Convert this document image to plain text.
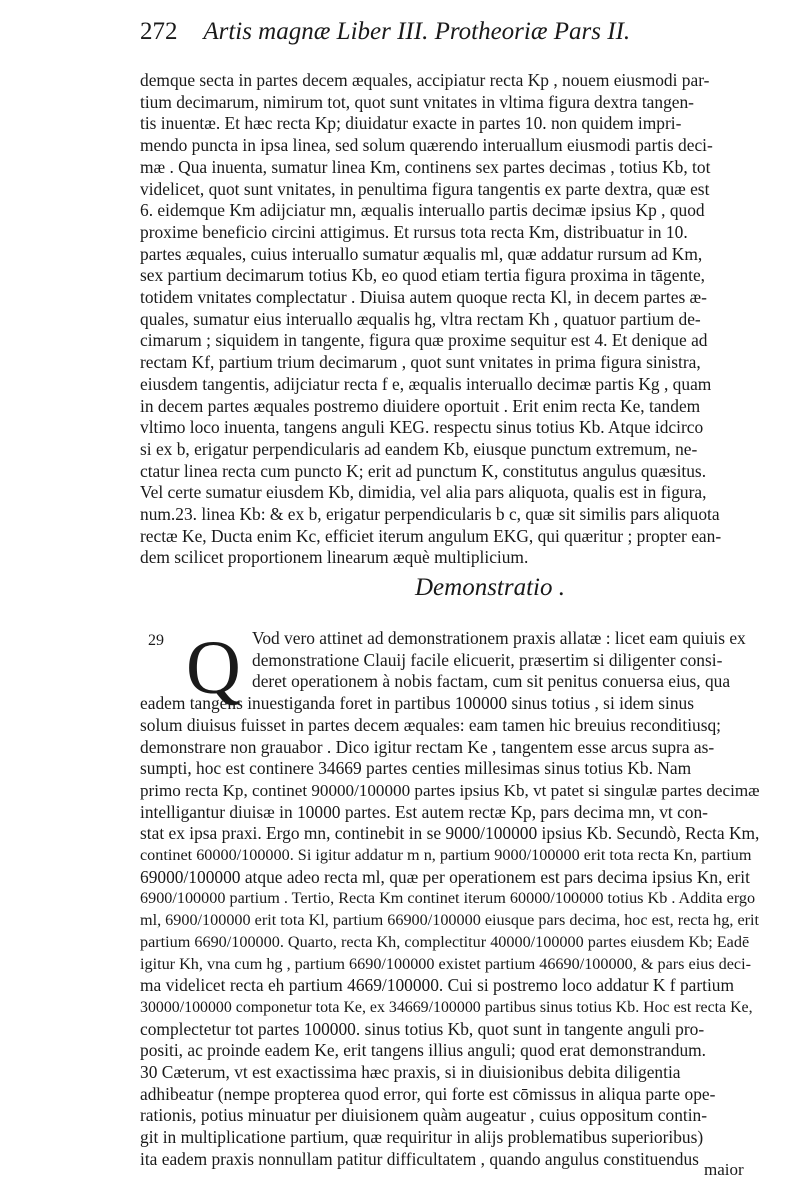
272 Artis magnæ Liber III. Protheoriæ Pars II.
demque secta in partes decem æquales, accipiatur recta Kp , nouem eiusmodi par-
tium decimarum, nimirum tot, quot sunt vnitates in vltima figura dextra tangen-
tis inuentæ. Et hæc recta Kp; diuidatur exacte in partes 10. non quidem impri-
mendo puncta in ipsa linea, sed solum quærendo interuallum eiusmodi partis deci-
mæ . Qua inuenta, sumatur linea Km, continens sex partes decimas , totius Kb, tot
videlicet, quot sunt vnitates, in penultima figura tangentis ex parte dextra, quæ est
6. eidemque Km adijciatur mn, æqualis interuallo partis decimæ ipsius Kp , quod
proxime beneficio circini attigimus. Et rursus tota recta Km, distribuatur in 10.
partes æquales, cuius interuallo sumatur æqualis ml, quæ addatur rursum ad Km,
sex partium decimarum totius Kb, eo quod etiam tertia figura proxima in tāgente,
totidem vnitates complectatur . Diuisa autem quoque recta Kl, in decem partes æ-
quales, sumatur eius interuallo æqualis hg, vltra rectam Kh , quatuor partium de-
cimarum ; siquidem in tangente, figura quæ proxime sequitur est 4. Et denique ad
rectam Kf, partium trium decimarum , quot sunt vnitates in prima figura sinistra,
eiusdem tangentis, adijciatur recta f e, æqualis interuallo decimæ partis Kg , quam
in decem partes æquales postremo diuidere oportuit . Erit enim recta Ke, tandem
vltimo loco inuenta, tangens anguli KEG. respectu sinus totius Kb. Atque idcirco
si ex b, erigatur perpendicularis ad eandem Kb, eiusque punctum extremum, ne-
ctatur linea recta cum puncto K; erit ad punctum K, constitutus angulus quæsitus.
Vel certe sumatur eiusdem Kb, dimidia, vel alia pars aliquota, qualis est in figura,
num.23. linea Kb: & ex b, erigatur perpendicularis b c, quæ sit similis pars aliquota
rectæ Ke, Ducta enim Kc, efficiet iterum angulum EKG, qui quæritur ; propter ean-
dem scilicet proportionem linearum æquè multiplicium.
Demonstratio .
29 Q Vod vero attinet ad demonstrationem praxis allatæ : licet eam quiuis ex
demonstratione Clauij facile elicuerit, præsertim si diligenter consi-
deret operationem à nobis factam, cum sit penitus conuersa eius, qua
eadem tangens inuestiganda foret in partibus 100000 sinus totius , si idem sinus
solum diuisus fuisset in partes decem æquales: eam tamen hic breuius reconditiusq;
demonstrare non grauabor . Dico igitur rectam Ke , tangentem esse arcus supra as-
sumpti, hoc est continere 34669 partes centies millesimas sinus totius Kb. Nam
primo recta Kp, continet 90000/100000 partes ipsius Kb, vt patet si singulæ partes decimæ
intelligantur diuisæ in 10000 partes. Est autem rectæ Kp, pars decima mn, vt con-
stat ex ipsa praxi. Ergo mn, continebit in se 9000/100000 ipsius Kb. Secundò, Recta Km,
continet 60000/100000. Si igitur addatur m n, partium 9000/100000 erit tota recta Kn, partium
69000/100000 atque adeo recta ml, quæ per operationem est pars decima ipsius Kn, erit
6900/100000 partium . Tertio, Recta Km continet iterum 60000/100000 totius Kb . Addita ergo
ml, 6900/100000 erit tota Kl, partium 66900/100000 eiusque pars decima, hoc est, recta hg, erit
partium 6690/100000. Quarto, recta Kh, complectitur 40000/100000 partes eiusdem Kb; Eadē
igitur Kh, vna cum hg , partium 6690/100000 existet partium 46690/100000, & pars eius deci-
ma videlicet recta eh partium 4669/100000. Cui si postremo loco addatur K f partium
30000/100000 componetur tota Ke, ex 34669/100000 partibus sinus totius Kb. Hoc est recta Ke,
complectetur tot partes 100000. sinus totius Kb, quot sunt in tangente anguli pro-
positi, ac proinde eadem Ke, erit tangens illius anguli; quod erat demonstrandum.
30 Cæterum, vt est exactissima hæc praxis, si in diuisionibus debita diligentia
adhibeatur (nempe propterea quod error, qui forte est cōmissus in aliqua parte ope-
rationis, potius minuatur per diuisionem quàm augeatur , cuius oppositum contin-
git in multiplicatione partium, quæ requiritur in alijs problematibus superioribus)
ita eadem praxis nonnullam patitur difficultatem , quando angulus constituendus
maior
